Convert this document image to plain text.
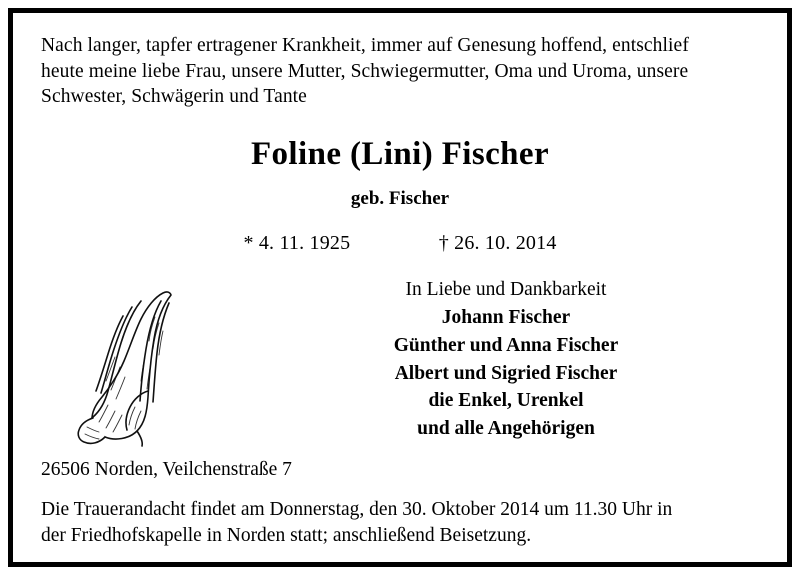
Nach langer, tapfer ertragener Krankheit, immer auf Genesung hoffend, entschlief
heute meine liebe Frau, unsere Mutter, Schwiegermutter, Oma und Uroma, unsere
Schwester, Schwägerin und Tante
Foline (Lini) Fischer
geb. Fischer
* 4. 11. 1925	† 26. 10. 2014
In Liebe und Dankbarkeit
Johann Fischer
Günther und Anna Fischer
Albert und Sigried Fischer
die Enkel, Urenkel
und alle Angehörigen
26506 Norden, Veilchenstraße 7
Die Trauerandacht findet am Donnerstag, den 30. Oktober 2014 um 11.30 Uhr in
der Friedhofskapelle in Norden statt; anschließend Beisetzung.
